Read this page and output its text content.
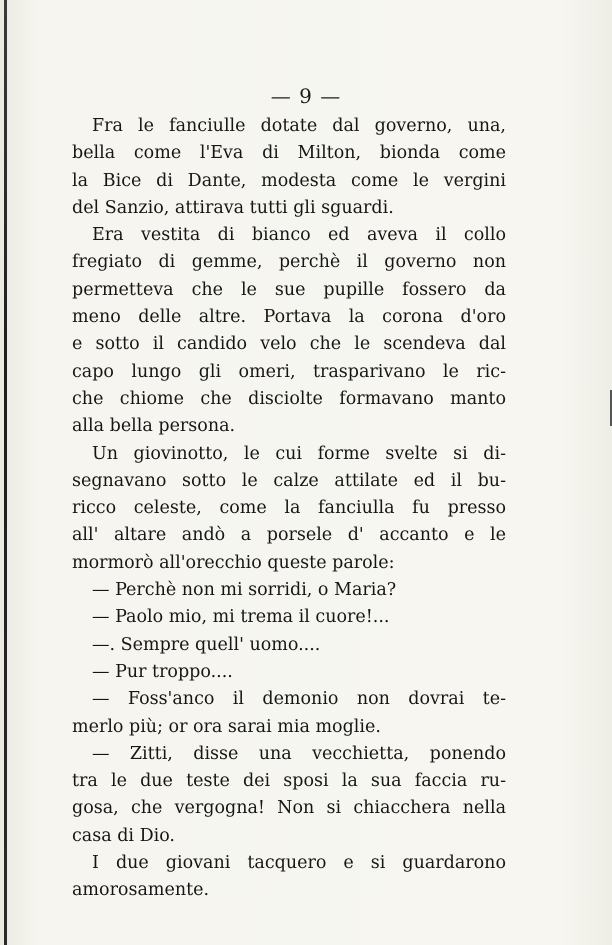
— 9 —
Fra le fanciulle dotate dal governo, una,
bella come l'Eva di Milton, bionda come
la Bice di Dante, modesta come le vergini
del Sanzio, attirava tutti gli sguardi.
Era vestita di bianco ed aveva il collo
fregiato di gemme, perchè il governo non
permetteva che le sue pupille fossero da
meno delle altre. Portava la corona d'oro
e sotto il candido velo che le scendeva dal
capo lungo gli omeri, trasparivano le ric-
che chiome che disciolte formavano manto
alla bella persona.
Un giovinotto, le cui forme svelte si di-
segnavano sotto le calze attilate ed il bu-
ricco celeste, come la fanciulla fu presso
all' altare andò a porsele d' accanto e le
mormorò all'orecchio queste parole:
— Perchè non mi sorridi, o Maria?
— Paolo mio, mi trema il cuore!...
—. Sempre quell' uomo....
— Pur troppo....
— Foss'anco il demonio non dovrai te-
merlo più; or ora sarai mia moglie.
— Zitti, disse una vecchietta, ponendo
tra le due teste dei sposi la sua faccia ru-
gosa, che vergogna! Non si chiacchera nella
casa di Dio.
I due giovani tacquero e si guardarono
amorosamente.
